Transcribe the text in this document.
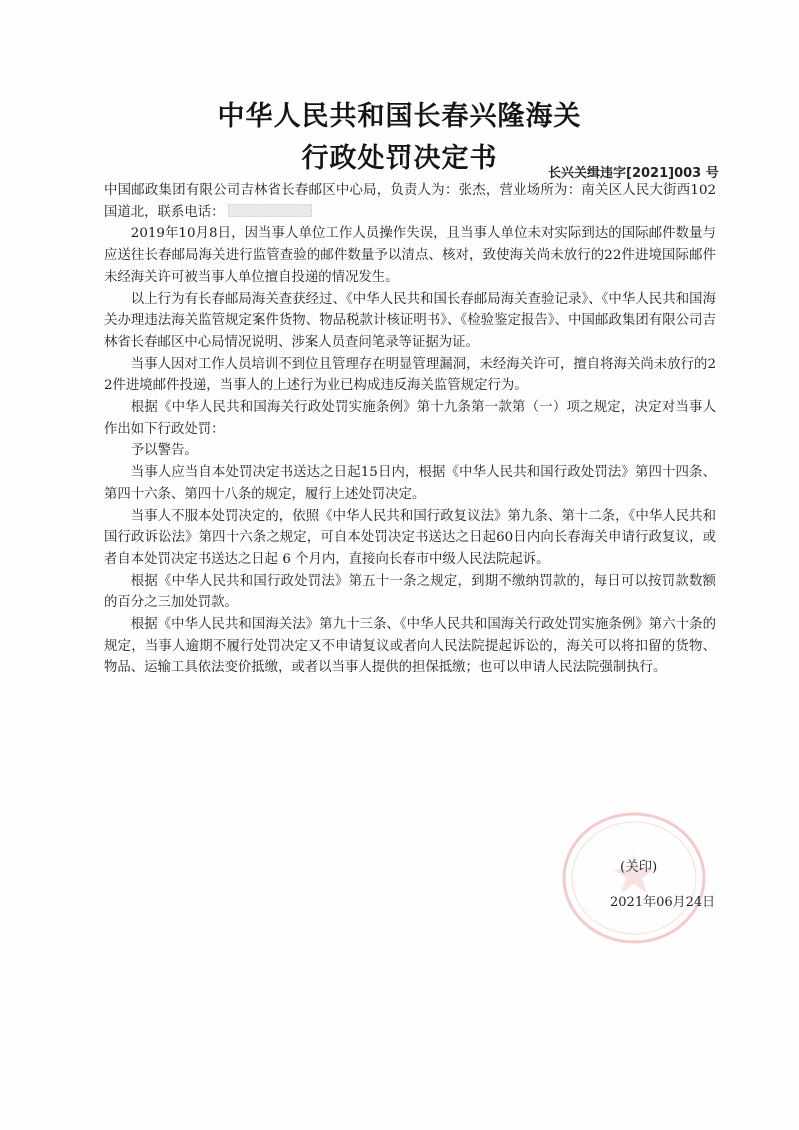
中华人民共和国长春兴隆海关
行政处罚决定书	长兴关缉违字[2021]003 号

中国邮政集团有限公司吉林省长春邮区中心局，负责人为：张杰，营业场所为：南关区人民大街西102国道北，联系电话：

2019年10月8日，因当事人单位工作人员操作失误，且当事人单位未对实际到达的国际邮件数量与应送往长春邮局海关进行监管查验的邮件数量予以清点、核对，致使海关尚未放行的22件进境国际邮件未经海关许可被当事人单位擅自投递的情况发生。

以上行为有长春邮局海关查获经过、《中华人民共和国长春邮局海关查验记录》、《中华人民共和国海关办理违法海关监管规定案件货物、物品税款计核证明书》、《检验鉴定报告》、中国邮政集团有限公司吉林省长春邮区中心局情况说明、涉案人员查问笔录等证据为证。

当事人因对工作人员培训不到位且管理存在明显管理漏洞，未经海关许可，擅自将海关尚未放行的22件进境邮件投递，当事人的上述行为业已构成违反海关监管规定行为。

根据《中华人民共和国海关行政处罚实施条例》第十九条第一款第（一）项之规定，决定对当事人作出如下行政处罚：

予以警告。

当事人应当自本处罚决定书送达之日起15日内，根据《中华人民共和国行政处罚法》第四十四条、第四十六条、第四十八条的规定，履行上述处罚决定。

当事人不服本处罚决定的，依照《中华人民共和国行政复议法》第九条、第十二条，《中华人民共和国行政诉讼法》第四十六条之规定，可自本处罚决定书送达之日起60日内向长春海关申请行政复议，或者自本处罚决定书送达之日起 6 个月内，直接向长春市中级人民法院起诉。

根据《中华人民共和国行政处罚法》第五十一条之规定，到期不缴纳罚款的，每日可以按罚款数额的百分之三加处罚款。

根据《中华人民共和国海关法》第九十三条、《中华人民共和国海关行政处罚实施条例》第六十条的规定，当事人逾期不履行处罚决定又不申请复议或者向人民法院提起诉讼的，海关可以将扣留的货物、物品、运输工具依法变价抵缴，或者以当事人提供的担保抵缴；也可以申请人民法院强制执行。

(关印)
2021年06月24日
